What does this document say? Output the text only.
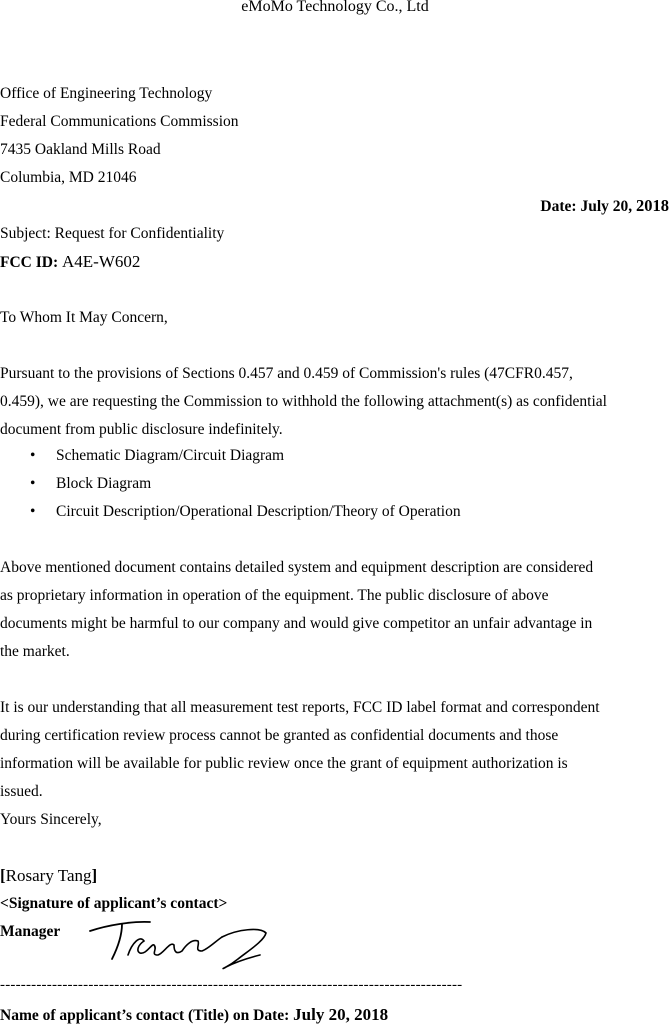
eMoMo Technology Co., Ltd
Office of Engineering Technology
Federal Communications Commission
7435 Oakland Mills Road
Columbia, MD 21046
Date: July 20, 2018
Subject: Request for Confidentiality
FCC ID: A4E-W602
To Whom It May Concern,
Pursuant to the provisions of Sections 0.457 and 0.459 of Commission's rules (47CFR0.457,
0.459), we are requesting the Commission to withhold the following attachment(s) as confidential
document from public disclosure indefinitely.
• Schematic Diagram/Circuit Diagram
• Block Diagram
• Circuit Description/Operational Description/Theory of Operation
Above mentioned document contains detailed system and equipment description are considered
as proprietary information in operation of the equipment. The public disclosure of above
documents might be harmful to our company and would give competitor an unfair advantage in
the market.
It is our understanding that all measurement test reports, FCC ID label format and correspondent
during certification review process cannot be granted as confidential documents and those
information will be available for public review once the grant of equipment authorization is
issued.
Yours Sincerely,
[Rosary Tang]
<Signature of applicant’s contact>
Manager
-----------------------------------------------------------------------------------------
Name of applicant’s contact (Title) on Date: July 20, 2018
